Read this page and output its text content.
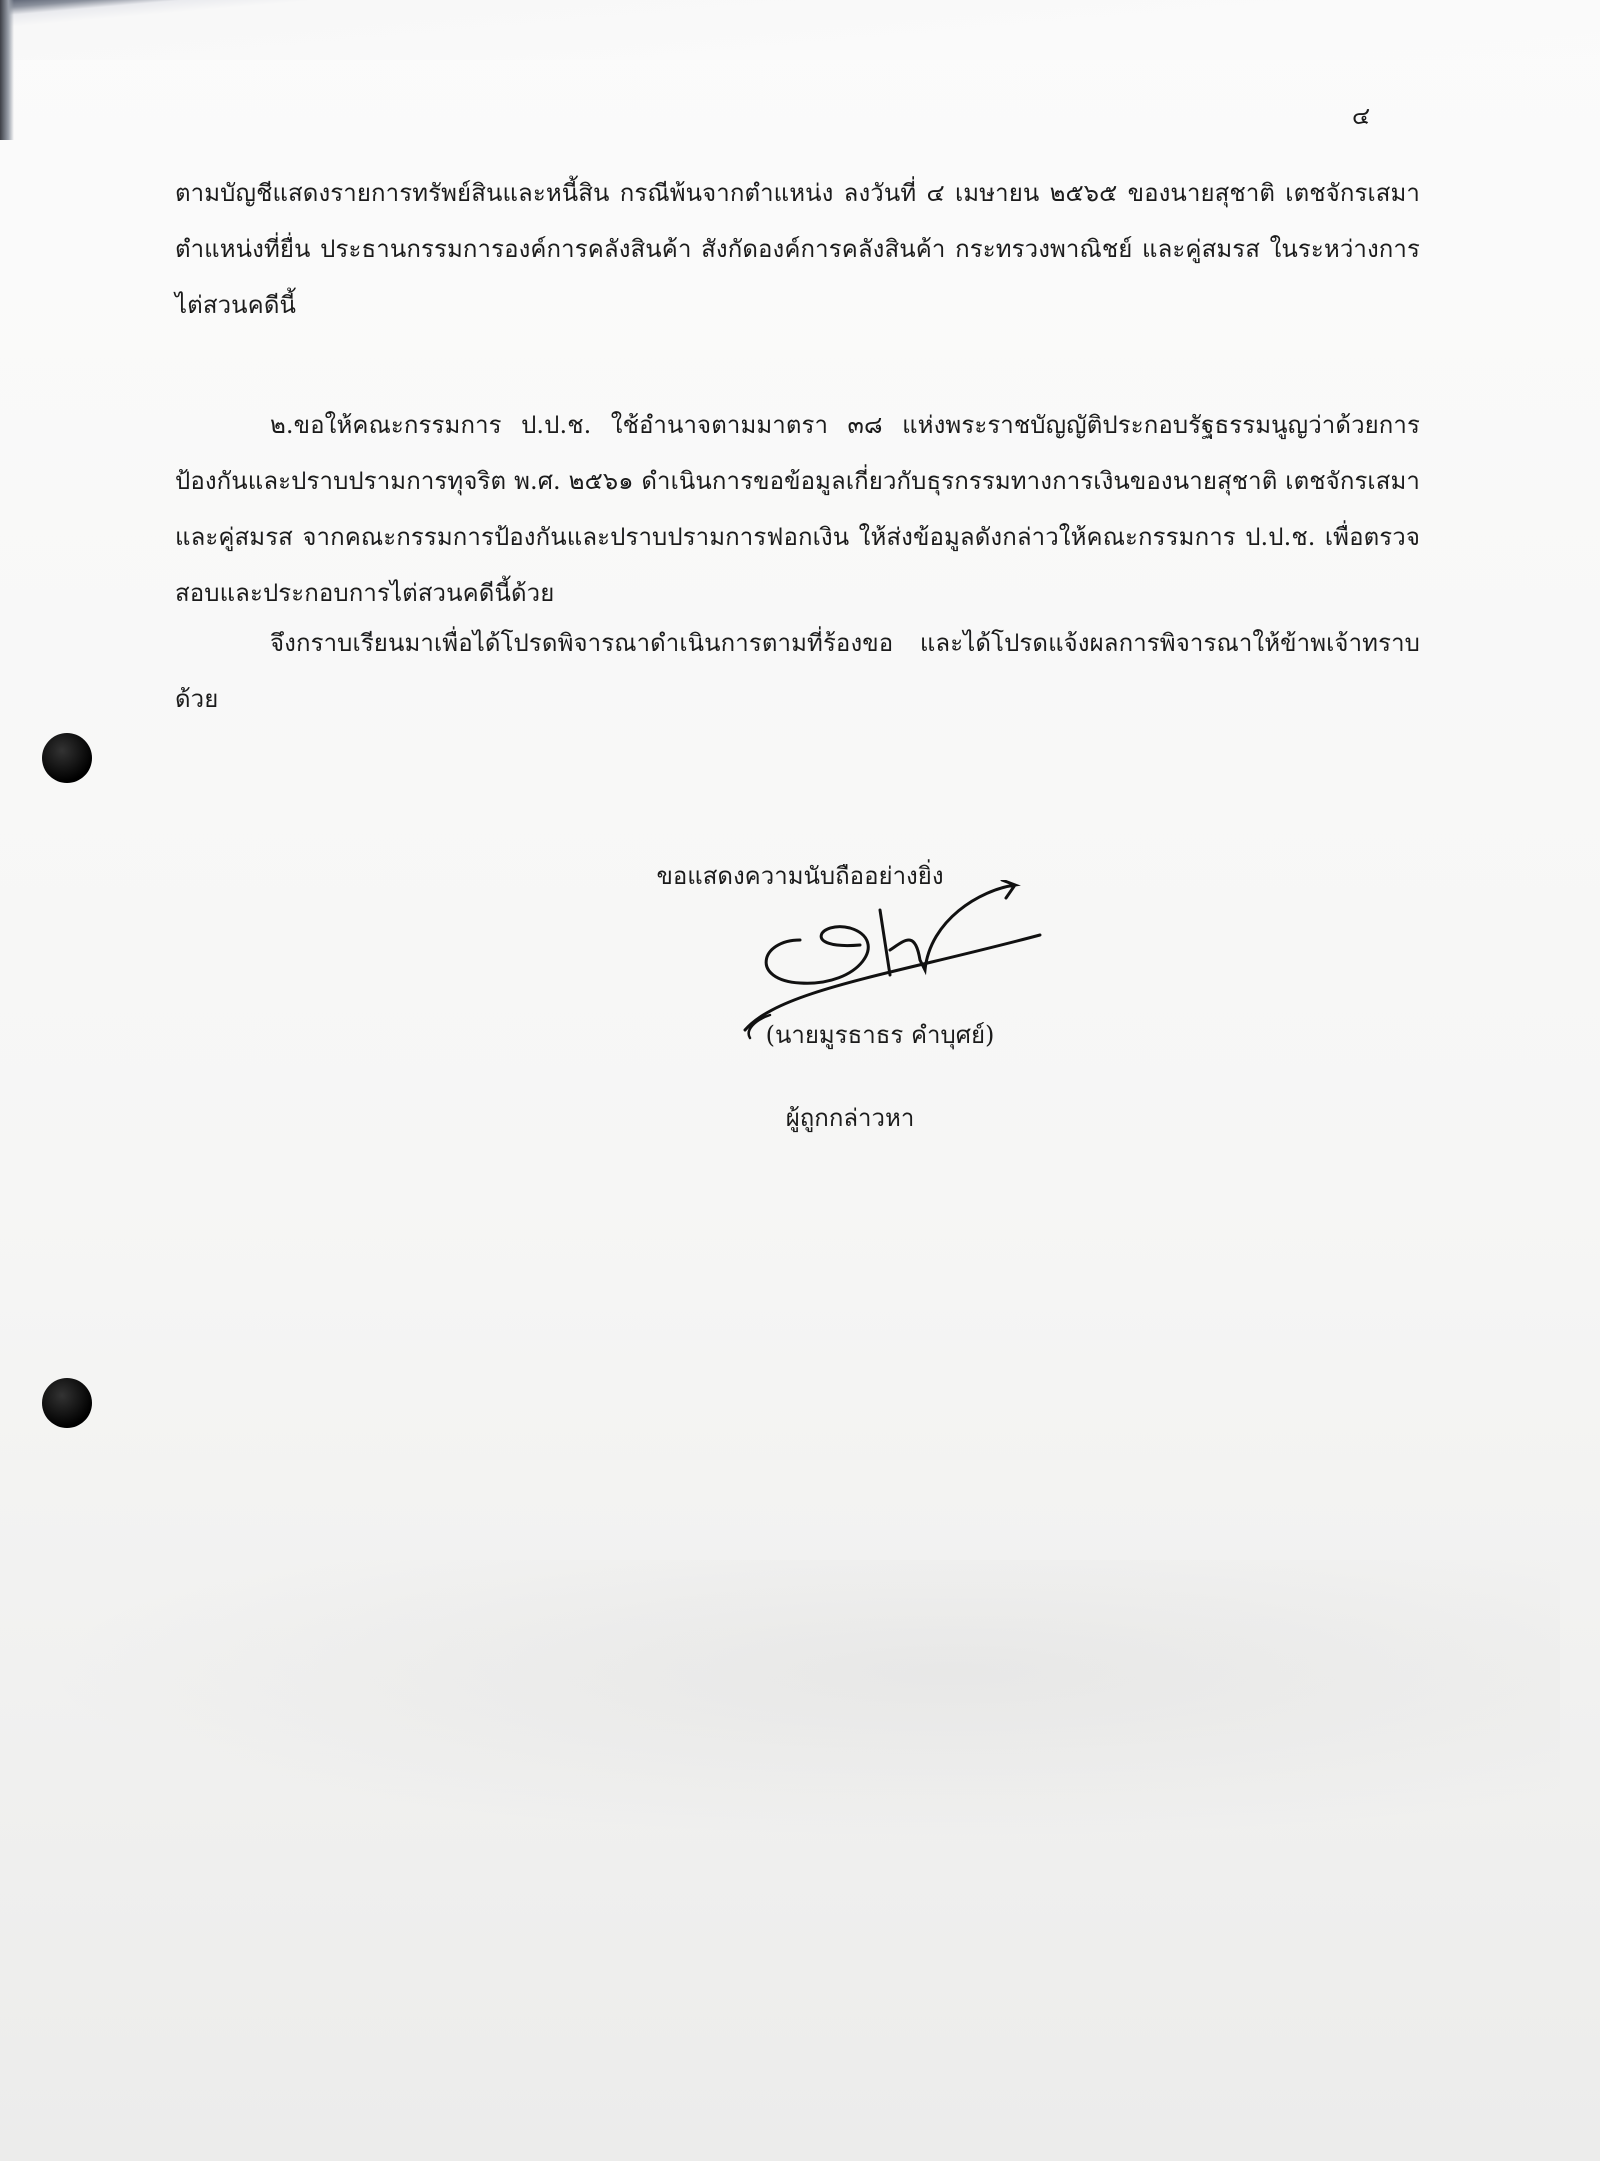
๔
ตามบัญชีแสดงรายการทรัพย์สินและหนี้สิน กรณีพ้นจากตำแหน่ง ลงวันที่ ๔ เมษายน ๒๕๖๕ ของนายสุชาติ เตชจักรเสมา ตำแหน่งที่ยื่น ประธานกรรมการองค์การคลังสินค้า สังกัดองค์การคลังสินค้า กระทรวงพาณิชย์ และคู่สมรส ในระหว่างการไต่สวนคดีนี้
๒.ขอให้คณะกรรมการ ป.ป.ช. ใช้อำนาจตามมาตรา ๓๘ แห่งพระราชบัญญัติประกอบรัฐธรรมนูญว่าด้วยการป้องกันและปราบปรามการทุจริต พ.ศ. ๒๕๖๑ ดำเนินการขอข้อมูลเกี่ยวกับธุรกรรมทางการเงินของนายสุชาติ เตชจักรเสมา และคู่สมรส จากคณะกรรมการป้องกันและปราบปรามการฟอกเงิน ให้ส่งข้อมูลดังกล่าวให้คณะกรรมการ ป.ป.ช. เพื่อตรวจสอบและประกอบการไต่สวนคดีนี้ด้วย
จึงกราบเรียนมาเพื่อได้โปรดพิจารณาดำเนินการตามที่ร้องขอ และได้โปรดแจ้งผลการพิจารณาให้ข้าพเจ้าทราบด้วย
ขอแสดงความนับถืออย่างยิ่ง
(นายมูรธาธร คำบุศย์)
ผู้ถูกกล่าวหา
